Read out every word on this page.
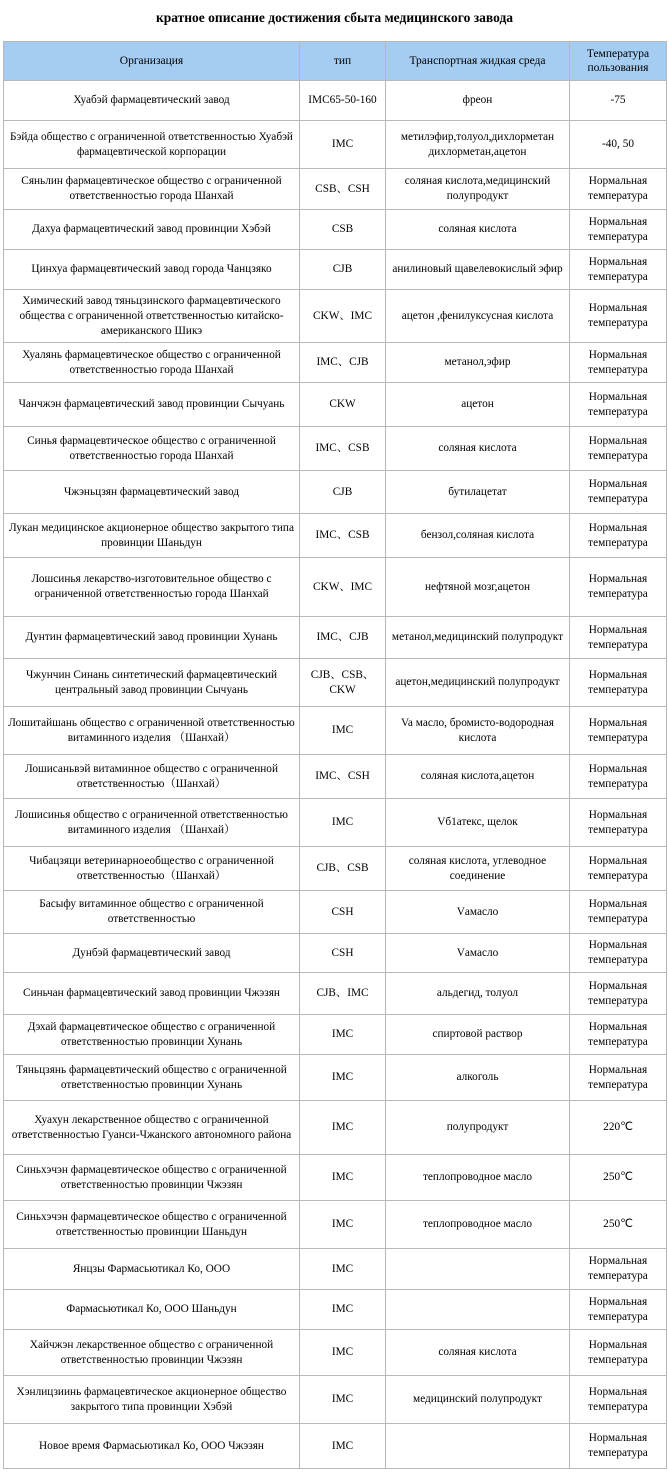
кратное описание достижения сбыта медицинского завода
Организация	тип	Транспортная жидкая среда	Температура пользования
Хуабэй фармацевтический завод	IMC65-50-160	фреон	-75
Бэйда общество с ограниченной ответственностью Хуабэй фармацевтической корпорации	IMC	метилэфир,толуол,дихлорметан дихлорметан,ацетон	-40, 50
Сяньлин фармацевтическое общество с ограниченной ответственностью города Шанхай	CSB、CSH	соляная кислота,медицинский полупродукт	Нормальная температура
Дахуа фармацевтический завод провинции Хэбэй	CSB	соляная кислота	Нормальная температура
Цинхуа фармацевтический завод города Чанцзяко	CJB	анилиновый щавелевокислый эфир	Нормальная температура
Химический завод тяньцзинского фармацевтического общества с ограниченной ответственностью китайско-американского Шикэ	CKW、IMC	ацетон ,фенилуксусная кислота	Нормальная температура
Хуалянь фармацевтическое общество с ограниченной ответственностью города Шанхай	IMC、CJB	метанол,эфир	Нормальная температура
Чанчжэн фармацевтический завод провинции Сычуань	CKW	ацетон	Нормальная температура
Синья фармацевтическое общество с ограниченной ответственностью города Шанхай	IMC、CSB	соляная кислота	Нормальная температура
Чжэньцзян фармацевтический завод	CJB	бутилацетат	Нормальная температура
Лукан медицинское акционерное общество закрытого типа провинции Шаньдун	IMC、CSB	бензол,соляная кислота	Нормальная температура
Лошсинья лекарство-изготовительное общество с ограниченной ответственностью города Шанхай	CKW、IMC	нефтяной мозг,ацетон	Нормальная температура
Дунтин фармацевтический завод провинции Хунань	IMC、CJB	метанол,медицинский полупродукт	Нормальная температура
Чжунчин Синань синтетический фармацевтический центральный завод провинции Сычуань	CJB、CSB、CKW	ацетон,медицинский полупродукт	Нормальная температура
Лошитайшань общество с ограниченной ответственностью витаминного изделия （Шанхай）	IMC	Va масло, бромисто-водородная кислота	Нормальная температура
Лошисаньвэй витаминное общество с ограниченной ответственностью（Шанхай）	IMC、CSH	соляная кислота,ацетон	Нормальная температура
Лошисинья общество с ограниченной ответственностью витаминного изделия （Шанхай）	IMC	Vб1атекс, щелок	Нормальная температура
Чибацзяци ветеринарноеобщество с ограниченной ответственностью（Шанхай）	CJB、CSB	соляная кислота, углеводное соединение	Нормальная температура
Басыфу витаминное общество с ограниченной ответственностью	CSH	Vамасло	Нормальная температура
Дунбэй фармацевтический завод	CSH	Vамасло	Нормальная температура
Синьчан фармацевтический завод провинции Чжэзян	CJB、IMC	альдегид, толуол	Нормальная температура
Дэхай фармацевтическое общество с ограниченной ответственностью провинции Хунань	IMC	спиртовой раствор	Нормальная температура
Тяньцзянь фармацевтический общество с ограниченной ответственностью провинции Хунань	IMC	алкоголь	Нормальная температура
Хуахун лекарственное общество с ограниченной ответственностью Гуанси-Чжанского автономного района	IMC	полупродукт	220℃
Синьхэчэн фармацевтическое общество с ограниченной ответственностью провинции Чжэзян	IMC	теплопроводное масло	250℃
Синьхэчэн фармацевтическое общество с ограниченной ответственностью провинции Шаньдун	IMC	теплопроводное масло	250℃
Янцзы Фармасьютикал Ко, ООО	IMC		Нормальная температура
Фармасьютикал Ко, ООО Шаньдун	IMC		Нормальная температура
Хайчжэн лекарственное общество с ограниченной ответственностью провинции Чжэзян	IMC	соляная кислота	Нормальная температура
Хэнлицзиинь фармацевтическое акционерное общество закрытого типа провинции Хэбэй	IMC	медицинский полупродукт	Нормальная температура
Новое время Фармасьютикал Ко, ООО Чжэзян	IMC		Нормальная температура
